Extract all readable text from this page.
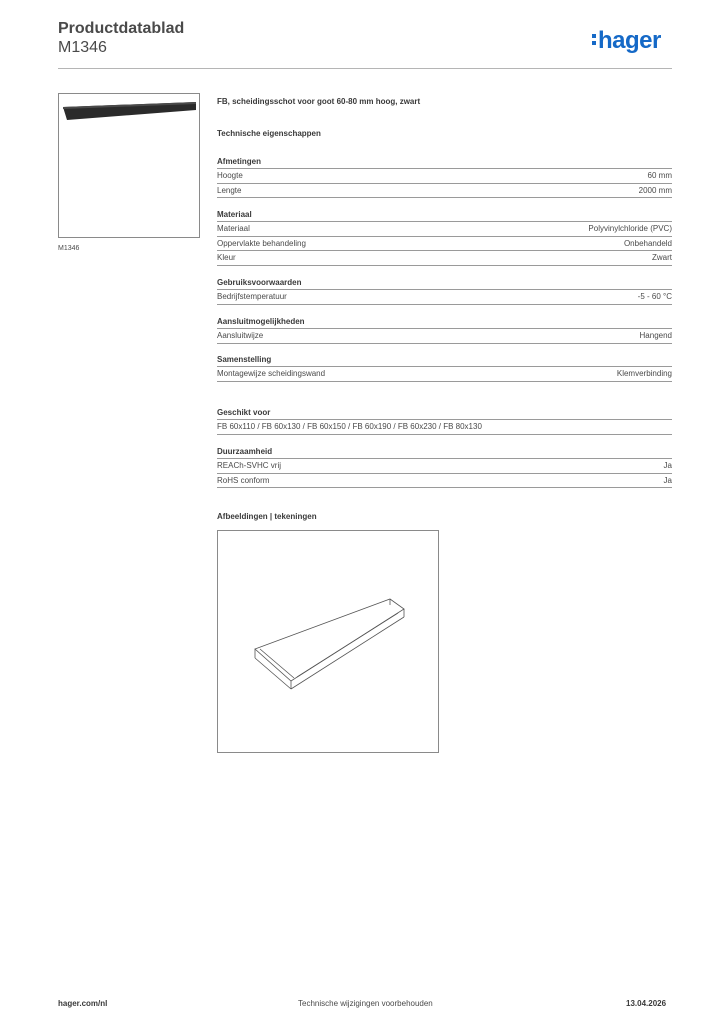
Productdatablad
M1346	hager
M1346
FB, scheidingsschot voor goot 60-80 mm hoog, zwart
Technische eigenschappen
Afmetingen
Hoogte	60 mm
Lengte	2000 mm
Materiaal
Materiaal	Polyvinylchloride (PVC)
Oppervlakte behandeling	Onbehandeld
Kleur	Zwart
Gebruiksvoorwaarden
Bedrijfstemperatuur	-5 - 60 °C
Aansluitmogelijkheden
Aansluitwijze	Hangend
Samenstelling
Montagewijze scheidingswand	Klemverbinding
Geschikt voor
FB 60x110 / FB 60x130 / FB 60x150 / FB 60x190 / FB 60x230 / FB 80x130
Duurzaamheid
REACh-SVHC vrij	Ja
RoHS conform	Ja
Afbeeldingen | tekeningen
hager.com/nl	Technische wijzigingen voorbehouden	13.04.2026
